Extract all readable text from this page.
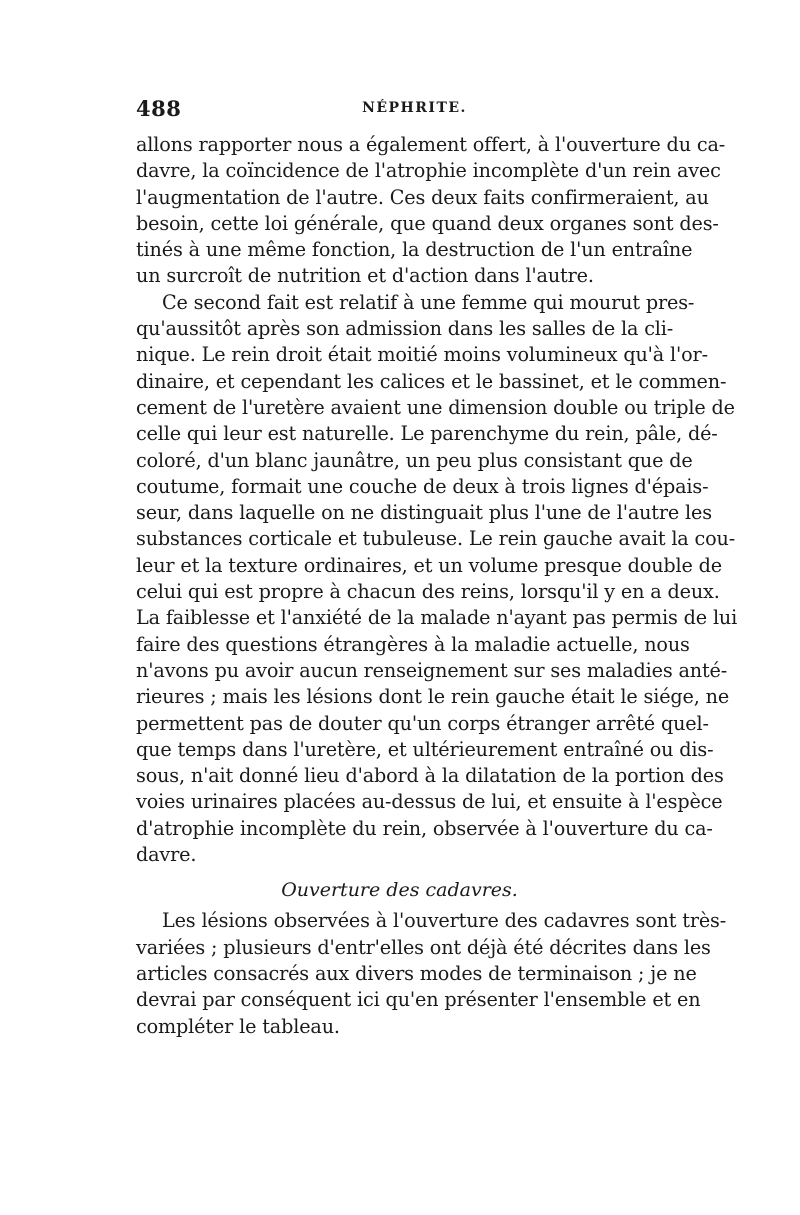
488	NÉPHRITE.
allons rapporter nous a également offert, à l'ouverture du ca-
davre, la coïncidence de l'atrophie incomplète d'un rein avec
l'augmentation de l'autre. Ces deux faits confirmeraient, au
besoin, cette loi générale, que quand deux organes sont des-
tinés à une même fonction, la destruction de l'un entraîne
un surcroît de nutrition et d'action dans l'autre.
Ce second fait est relatif à une femme qui mourut pres-
qu'aussitôt après son admission dans les salles de la cli-
nique. Le rein droit était moitié moins volumineux qu'à l'or-
dinaire, et cependant les calices et le bassinet, et le commen-
cement de l'uretère avaient une dimension double ou triple de
celle qui leur est naturelle. Le parenchyme du rein, pâle, dé-
coloré, d'un blanc jaunâtre, un peu plus consistant que de
coutume, formait une couche de deux à trois lignes d'épais-
seur, dans laquelle on ne distinguait plus l'une de l'autre les
substances corticale et tubuleuse. Le rein gauche avait la cou-
leur et la texture ordinaires, et un volume presque double de
celui qui est propre à chacun des reins, lorsqu'il y en a deux.
La faiblesse et l'anxiété de la malade n'ayant pas permis de lui
faire des questions étrangères à la maladie actuelle, nous
n'avons pu avoir aucun renseignement sur ses maladies anté-
rieures ; mais les lésions dont le rein gauche était le siége, ne
permettent pas de douter qu'un corps étranger arrêté quel-
que temps dans l'uretère, et ultérieurement entraîné ou dis-
sous, n'ait donné lieu d'abord à la dilatation de la portion des
voies urinaires placées au-dessus de lui, et ensuite à l'espèce
d'atrophie incomplète du rein, observée à l'ouverture du ca-
davre.
Ouverture des cadavres.
Les lésions observées à l'ouverture des cadavres sont très-
variées ; plusieurs d'entr'elles ont déjà été décrites dans les
articles consacrés aux divers modes de terminaison ; je ne
devrai par conséquent ici qu'en présenter l'ensemble et en
compléter le tableau.
